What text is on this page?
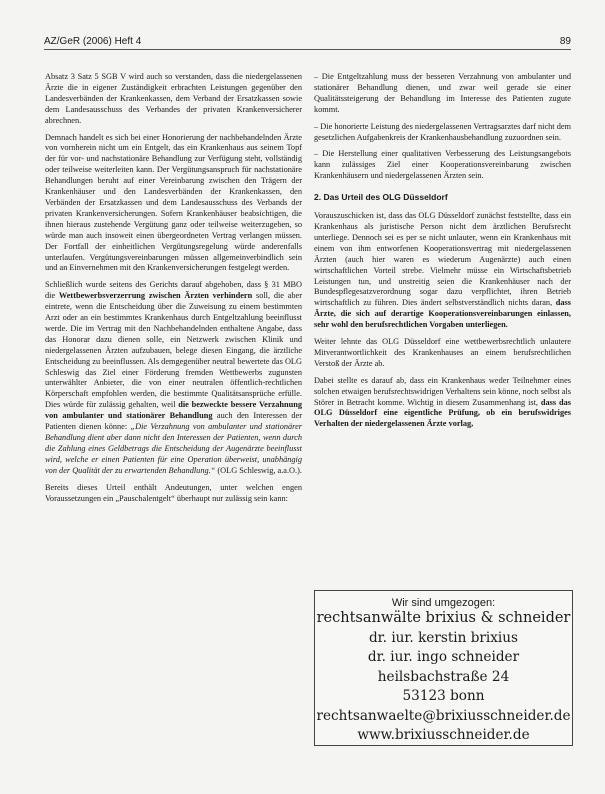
AZ/GeR (2006) Heft 4	89

Absatz 3 Satz 5 SGB V wird auch so verstanden, dass die niedergelassenen Ärzte die in eigener Zuständigkeit erbrachten Leistungen gegenüber den Landesverbänden der Krankenkassen, dem Verband der Ersatzkassen sowie dem Landesausschuss des Verbandes der privaten Krankenversicherer abrechnen.

Demnach handelt es sich bei einer Honorierung der nachbehandelnden Ärzte von vornherein nicht um ein Entgelt, das ein Krankenhaus aus seinem Topf der für vor- und nachstationäre Behandlung zur Verfügung steht, vollständig oder teilweise weiterleiten kann. Der Vergütungsanspruch für nachstationäre Behandlungen beruht auf einer Vereinbarung zwischen den Trägern der Krankenhäuser und den Landesverbänden der Krankenkassen, den Verbänden der Ersatzkassen und dem Landesausschuss des Verbands der privaten Krankenversicherungen. Sofern Krankenhäuser beabsichtigen, die ihnen hieraus zustehende Vergütung ganz oder teilweise weiterzugeben, so würde man auch insoweit einen übergeordneten Vertrag verlangen müssen. Der Fortfall der einheitlichen Vergütungsregelung würde anderenfalls unterlaufen. Vergütungsvereinbarungen müssen allgemeinverbindlich sein und an Einvernehmen mit den Krankenversicherungen festgelegt werden.

Schließlich wurde seitens des Gerichts darauf abgehoben, dass § 31 MBO die Wettbewerbsverzerrung zwischen Ärzten verhindern soll, die aber eintrete, wenn die Entscheidung über die Zuweisung zu einem bestimmten Arzt oder an ein bestimmtes Krankenhaus durch Entgeltzahlung beeinflusst werde. Die im Vertrag mit den Nachbehandelnden enthaltene Angabe, dass das Honorar dazu dienen solle, ein Netzwerk zwischen Klinik und niedergelassenen Ärzten aufzubauen, belege diesen Eingang, die ärztliche Entscheidung zu beeinflussen. Als demgegenüber neutral bewertete das OLG Schleswig das Ziel einer Förderung fremden Wettbewerbs zugunsten unterwählter Anbieter, die von einer neutralen öffentlich-rechtlichen Körperschaft empfohlen werden, die bestimmte Qualitätsansprüche erfülle. Dies würde für zulässig gehalten, weil die bezweckte bessere Verzahnung von ambulanter und stationärer Behandlung auch den Interessen der Patienten dienen könne: „Die Verzahnung von ambulanter und stationärer Behandlung dient aber dann nicht den Interessen der Patienten, wenn durch die Zahlung eines Geldbetrags die Entscheidung der Augenärzte beeinflusst wird, welche er einen Patienten für eine Operation überweist, unabhängig von der Qualität der zu erwartenden Behandlung.“ (OLG Schleswig, a.a.O.).

Bereits dieses Urteil enthält Andeutungen, unter welchen engen Voraussetzungen ein „Pauschalentgelt“ überhaupt nur zulässig sein kann:

– Die Entgeltzahlung muss der besseren Verzahnung von ambulanter und stationärer Behandlung dienen, und zwar weil gerade sie einer Qualitätssteigerung der Behandlung im Interesse des Patienten zugute kommt.

– Die honorierte Leistung des niedergelassenen Vertragsarztes darf nicht dem gesetzlichen Aufgabenkreis der Krankenhausbehandlung zuzuordnen sein.

– Die Herstellung einer qualitativen Verbesserung des Leistungsangebots kann zulässiges Ziel einer Kooperationsvereinbarung zwischen Krankenhäusern und niedergelassenen Ärzten sein.

2. Das Urteil des OLG Düsseldorf

Vorauszuschicken ist, dass das OLG Düsseldorf zunächst feststellte, dass ein Krankenhaus als juristische Person nicht dem ärztlichen Berufsrecht unterliege. Dennoch sei es per se nicht unlauter, wenn ein Krankenhaus mit einem von ihm entworfenen Kooperationsvertrag mit niedergelassenen Ärzten (auch hier waren es wiederum Augenärzte) auch einen wirtschaftlichen Vorteil strebe. Vielmehr müsse ein Wirtschaftsbetrieb Leistungen tun, und unstreitig seien die Krankenhäuser nach der Bundespflegesatzverordnung sogar dazu verpflichtet, ihren Betrieb wirtschaftlich zu führen. Dies ändert selbstverständlich nichts daran, dass Ärzte, die sich auf derartige Kooperationsvereinbarungen einlassen, sehr wohl den berufsrechtlichen Vorgaben unterliegen.

Weiter lehnte das OLG Düsseldorf eine wettbewerbsrechtlich unlautere Mitverantwortlichkeit des Krankenhauses an einem berufsrechtlichen Verstoß der Ärzte ab.

Dabei stellte es darauf ab, dass ein Krankenhaus weder Teilnehmer eines solchen etwaigen berufsrechtswidrigen Verhaltens sein könne, noch selbst als Störer in Betracht komme. Wichtig in diesem Zusammenhang ist, dass das OLG Düsseldorf eine eigentliche Prüfung, ob ein berufswidriges Verhalten der niedergelassenen Ärzte vorlag,

Wir sind umgezogen:
rechtsanwälte brixius & schneider
dr. iur. kerstin brixius
dr. iur. ingo schneider
heilsbachstraße 24
53123 bonn
rechtsanwaelte@brixiusschneider.de
www.brixiusschneider.de
